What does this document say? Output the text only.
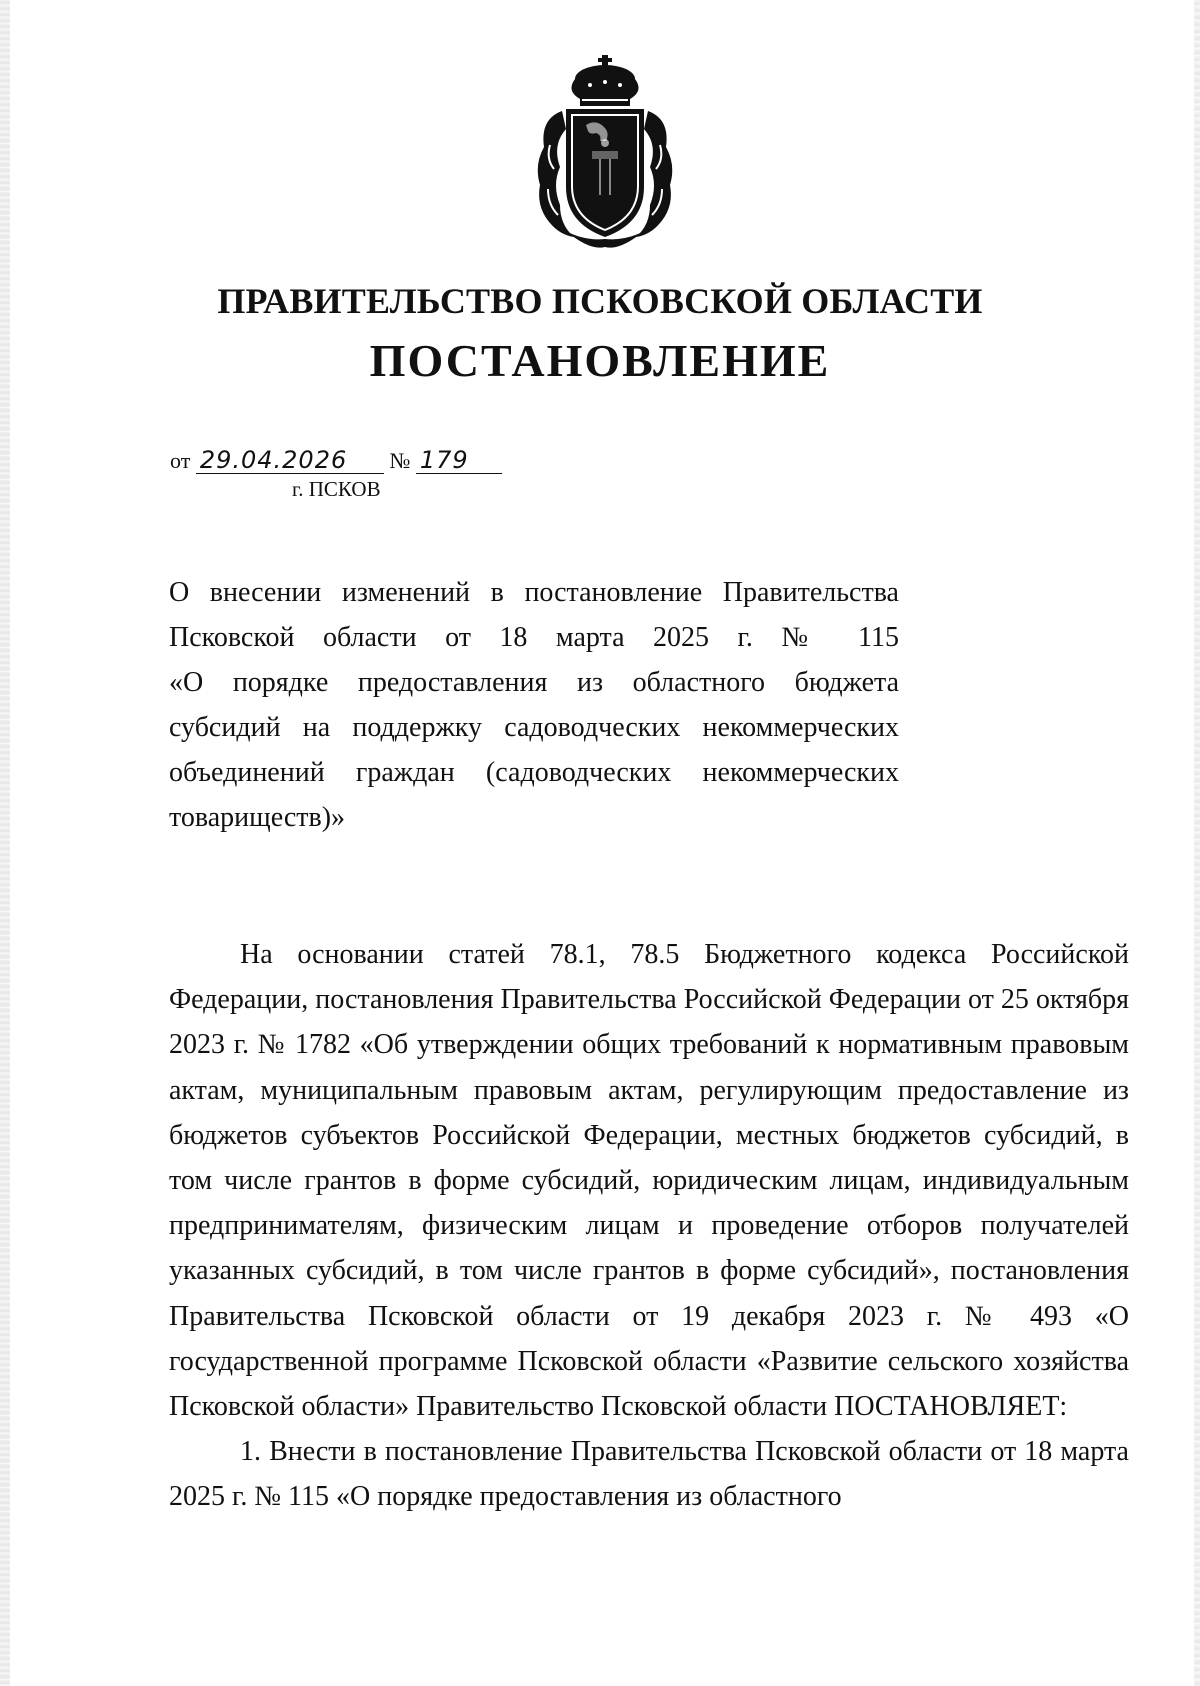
ПРАВИТЕЛЬСТВО ПСКОВСКОЙ ОБЛАСТИ
ПОСТАНОВЛЕНИЕ
от 29.04.2026 № 179
г. ПСКОВ
О внесении изменений в постановление Правительства
Псковской области от 18 марта 2025 г. № 115
«О порядке предоставления из областного бюджета
субсидий на поддержку садоводческих некоммерческих
объединений граждан (садоводческих некоммерческих
товариществ)»

На основании статей 78.1, 78.5 Бюджетного кодекса Российской Федерации, постановления Правительства Российской Федерации от 25 октября 2023 г. № 1782 «Об утверждении общих требований к нормативным правовым актам, муниципальным правовым актам, регулирующим предоставление из бюджетов субъектов Российской Федерации, местных бюджетов субсидий, в том числе грантов в форме субсидий, юридическим лицам, индивидуальным предпринимателям, физическим лицам и проведение отборов получателей указанных субсидий, в том числе грантов в форме субсидий», постановления Правительства Псковской области от 19 декабря 2023 г. № 493 «О государственной программе Псковской области «Развитие сельского хозяйства Псковской области» Правительство Псковской области ПОСТАНОВЛЯЕТ:

1. Внести в постановление Правительства Псковской области от 18 марта 2025 г. № 115 «О порядке предоставления из областного
